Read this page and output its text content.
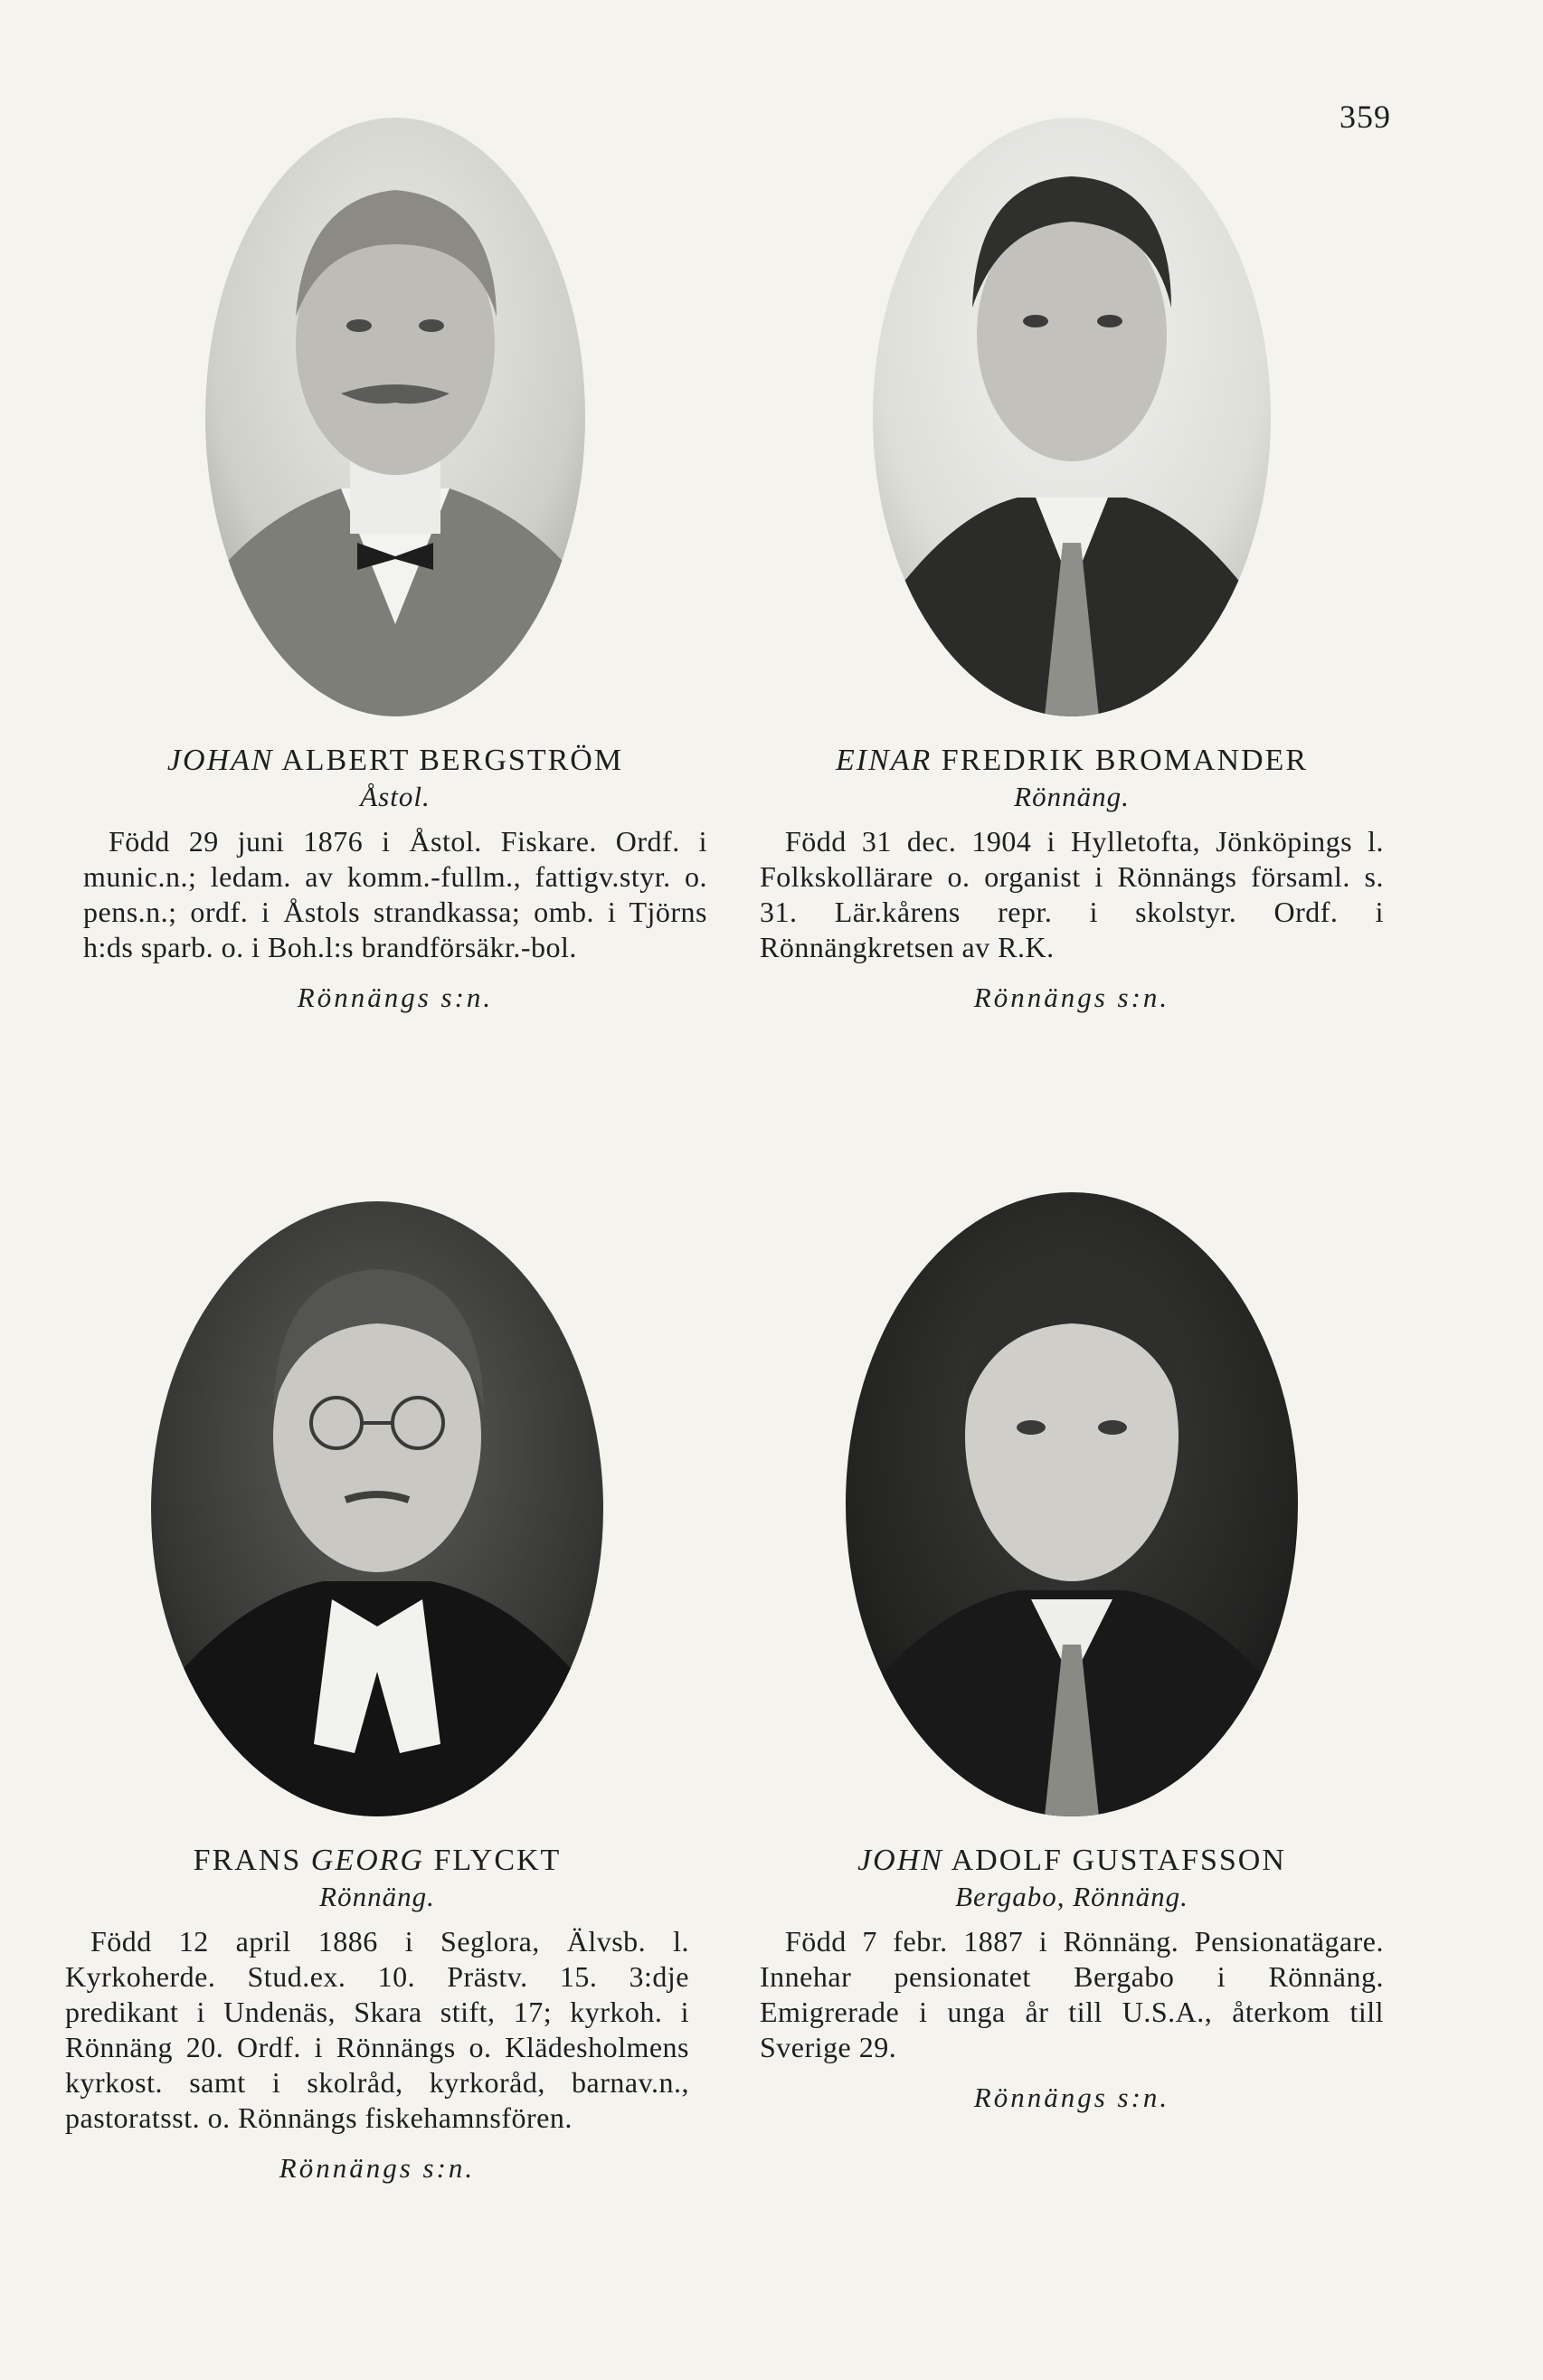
359
JOHAN ALBERT BERGSTRÖM
Åstol.
Född 29 juni 1876 i Åstol. Fiskare. Ordf. i munic.n.; ledam. av komm.-fullm., fattigv.styr. o. pens.n.; ordf. i Åstols strandkassa; omb. i Tjörns h:ds sparb. o. i Boh.l:s brandförsäkr.-bol.
Rönnängs s:n.
EINAR FREDRIK BROMANDER
Rönnäng.
Född 31 dec. 1904 i Hylletofta, Jönköpings l. Folkskollärare o. organist i Rönnängs församl. s. 31. Lär.kårens repr. i skolstyr. Ordf. i Rönnängkretsen av R.K.
Rönnängs s:n.
FRANS GEORG FLYCKT
Rönnäng.
Född 12 april 1886 i Seglora, Älvsb. l. Kyrkoherde. Stud.ex. 10. Prästv. 15. 3:dje predikant i Undenäs, Skara stift, 17; kyrkoh. i Rönnäng 20. Ordf. i Rönnängs o. Klädesholmens kyrkost. samt i skolråd, kyrkoråd, barnav.n., pastoratsst. o. Rönnängs fiskehamnsfören.
Rönnängs s:n.
JOHN ADOLF GUSTAFSSON
Bergabo, Rönnäng.
Född 7 febr. 1887 i Rönnäng. Pensionatägare. Innehar pensionatet Bergabo i Rönnäng. Emigrerade i unga år till U.S.A., återkom till Sverige 29.
Rönnängs s:n.
